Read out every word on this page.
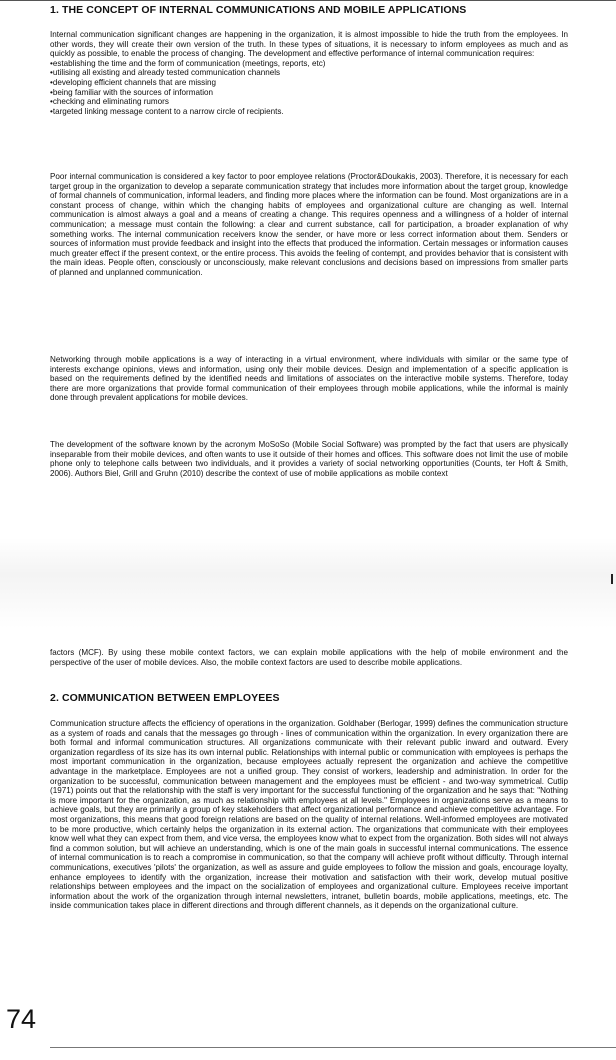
1. THE CONCEPT OF INTERNAL COMMUNICATIONS AND MOBILE APPLICATIONS

Internal communication significant changes are happening in the organization, it is almost impossible to hide the truth from the employees. In other words, they will create their own version of the truth. In these types of situations, it is necessary to inform employees as much and as quickly as possible, to enable the process of changing. The development and effective performance of internal communication requires:

• establishing the time and the form of communication (meetings, reports, etc)
• utilising all existing and already tested communication channels
• developing efficient channels that are missing
• being familiar with the sources of information
• checking and eliminating rumors
• targeted linking message content to a narrow circle of recipients.

Poor internal communication is considered a key factor to poor employee relations (Proctor&Doukakis, 2003). Therefore, it is necessary for each target group in the organization to develop a separate communication strategy that includes more information about the target group, knowledge of formal channels of communication, informal leaders, and finding more places where the information can be found. Most organizations are in a constant process of change, within which the changing habits of employees and organizational culture are changing as well. Internal communication is almost always a goal and a means of creating a change. This requires openness and a willingness of a holder of internal communication; a message must contain the following: a clear and current substance, call for participation, a broader explanation of why something works. The internal communication receivers know the sender, or have more or less correct information about them. Senders or sources of information must provide feedback and insight into the effects that produced the information. Certain messages or information causes much greater effect if the present context, or the entire process. This avoids the feeling of contempt, and provides behavior that is consistent with the main ideas. People often, consciously or unconsciously, make relevant conclusions and decisions based on impressions from smaller parts of planned and unplanned communication.

Networking through mobile applications is a way of interacting in a virtual environment, where individuals with similar or the same type of interests exchange opinions, views and information, using only their mobile devices. Design and implementation of a specific application is based on the requirements defined by the identified needs and limitations of associates on the interactive mobile systems. Therefore, today there are more organizations that provide formal communication of their employees through mobile applications, while the informal is mainly done through prevalent applications for mobile devices.

The development of the software known by the acronym MoSoSo (Mobile Social Software) was prompted by the fact that users are physically inseparable from their mobile devices, and often wants to use it outside of their homes and offices. This software does not limit the use of mobile phone only to telephone calls between two individuals, and it provides a variety of social networking opportunities (Counts, ter Hoft & Smith, 2006). Authors Biel, Grill and Gruhn (2010) describe the context of use of mobile applications as mobile context

factors (MCF). By using these mobile context factors, we can explain mobile applications with the help of mobile environment and the perspective of the user of mobile devices. Also, the mobile context factors are used to describe mobile applications.

2. COMMUNICATION BETWEEN EMPLOYEES

Communication structure affects the efficiency of operations in the organization. Goldhaber (Berlogar, 1999) defines the communication structure as a system of roads and canals that the messages go through - lines of communication within the organization. In every organization there are both formal and informal communication structures. All organizations communicate with their relevant public inward and outward. Every organization regardless of its size has its own internal public. Relationships with internal public or communication with employees is perhaps the most important communication in the organization, because employees actually represent the organization and achieve the competitive advantage in the marketplace. Employees are not a unified group. They consist of workers, leadership and administration. In order for the organization to be successful, communication between management and the employees must be efficient - and two-way symmetrical. Cutlip (1971) points out that the relationship with the staff is very important for the successful functioning of the organization and he says that: "Nothing is more important for the organization, as much as relationship with employees at all levels." Employees in organizations serve as a means to achieve goals, but they are primarily a group of key stakeholders that affect organizational performance and achieve competitive advantage. For most organizations, this means that good foreign relations are based on the quality of internal relations. Well-informed employees are motivated to be more productive, which certainly helps the organization in its external action. The organizations that communicate with their employees know well what they can expect from them, and vice versa, the employees know what to expect from the organization. Both sides will not always find a common solution, but will achieve an understanding, which is one of the main goals in successful internal communications. The essence of internal communication is to reach a compromise in communication, so that the company will achieve profit without difficulty. Through internal communications, executives 'pilots' the organization, as well as assure and guide employees to follow the mission and goals, encourage loyalty, enhance employees to identify with the organization, increase their motivation and satisfaction with their work, develop mutual positive relationships between employees and the impact on the socialization of employees and organizational culture. Employees receive important information about the work of the organization through internal newsletters, intranet, bulletin boards, mobile applications, meetings, etc. The inside communication takes place in different directions and through different channels, as it depends on the organizational culture.

74
